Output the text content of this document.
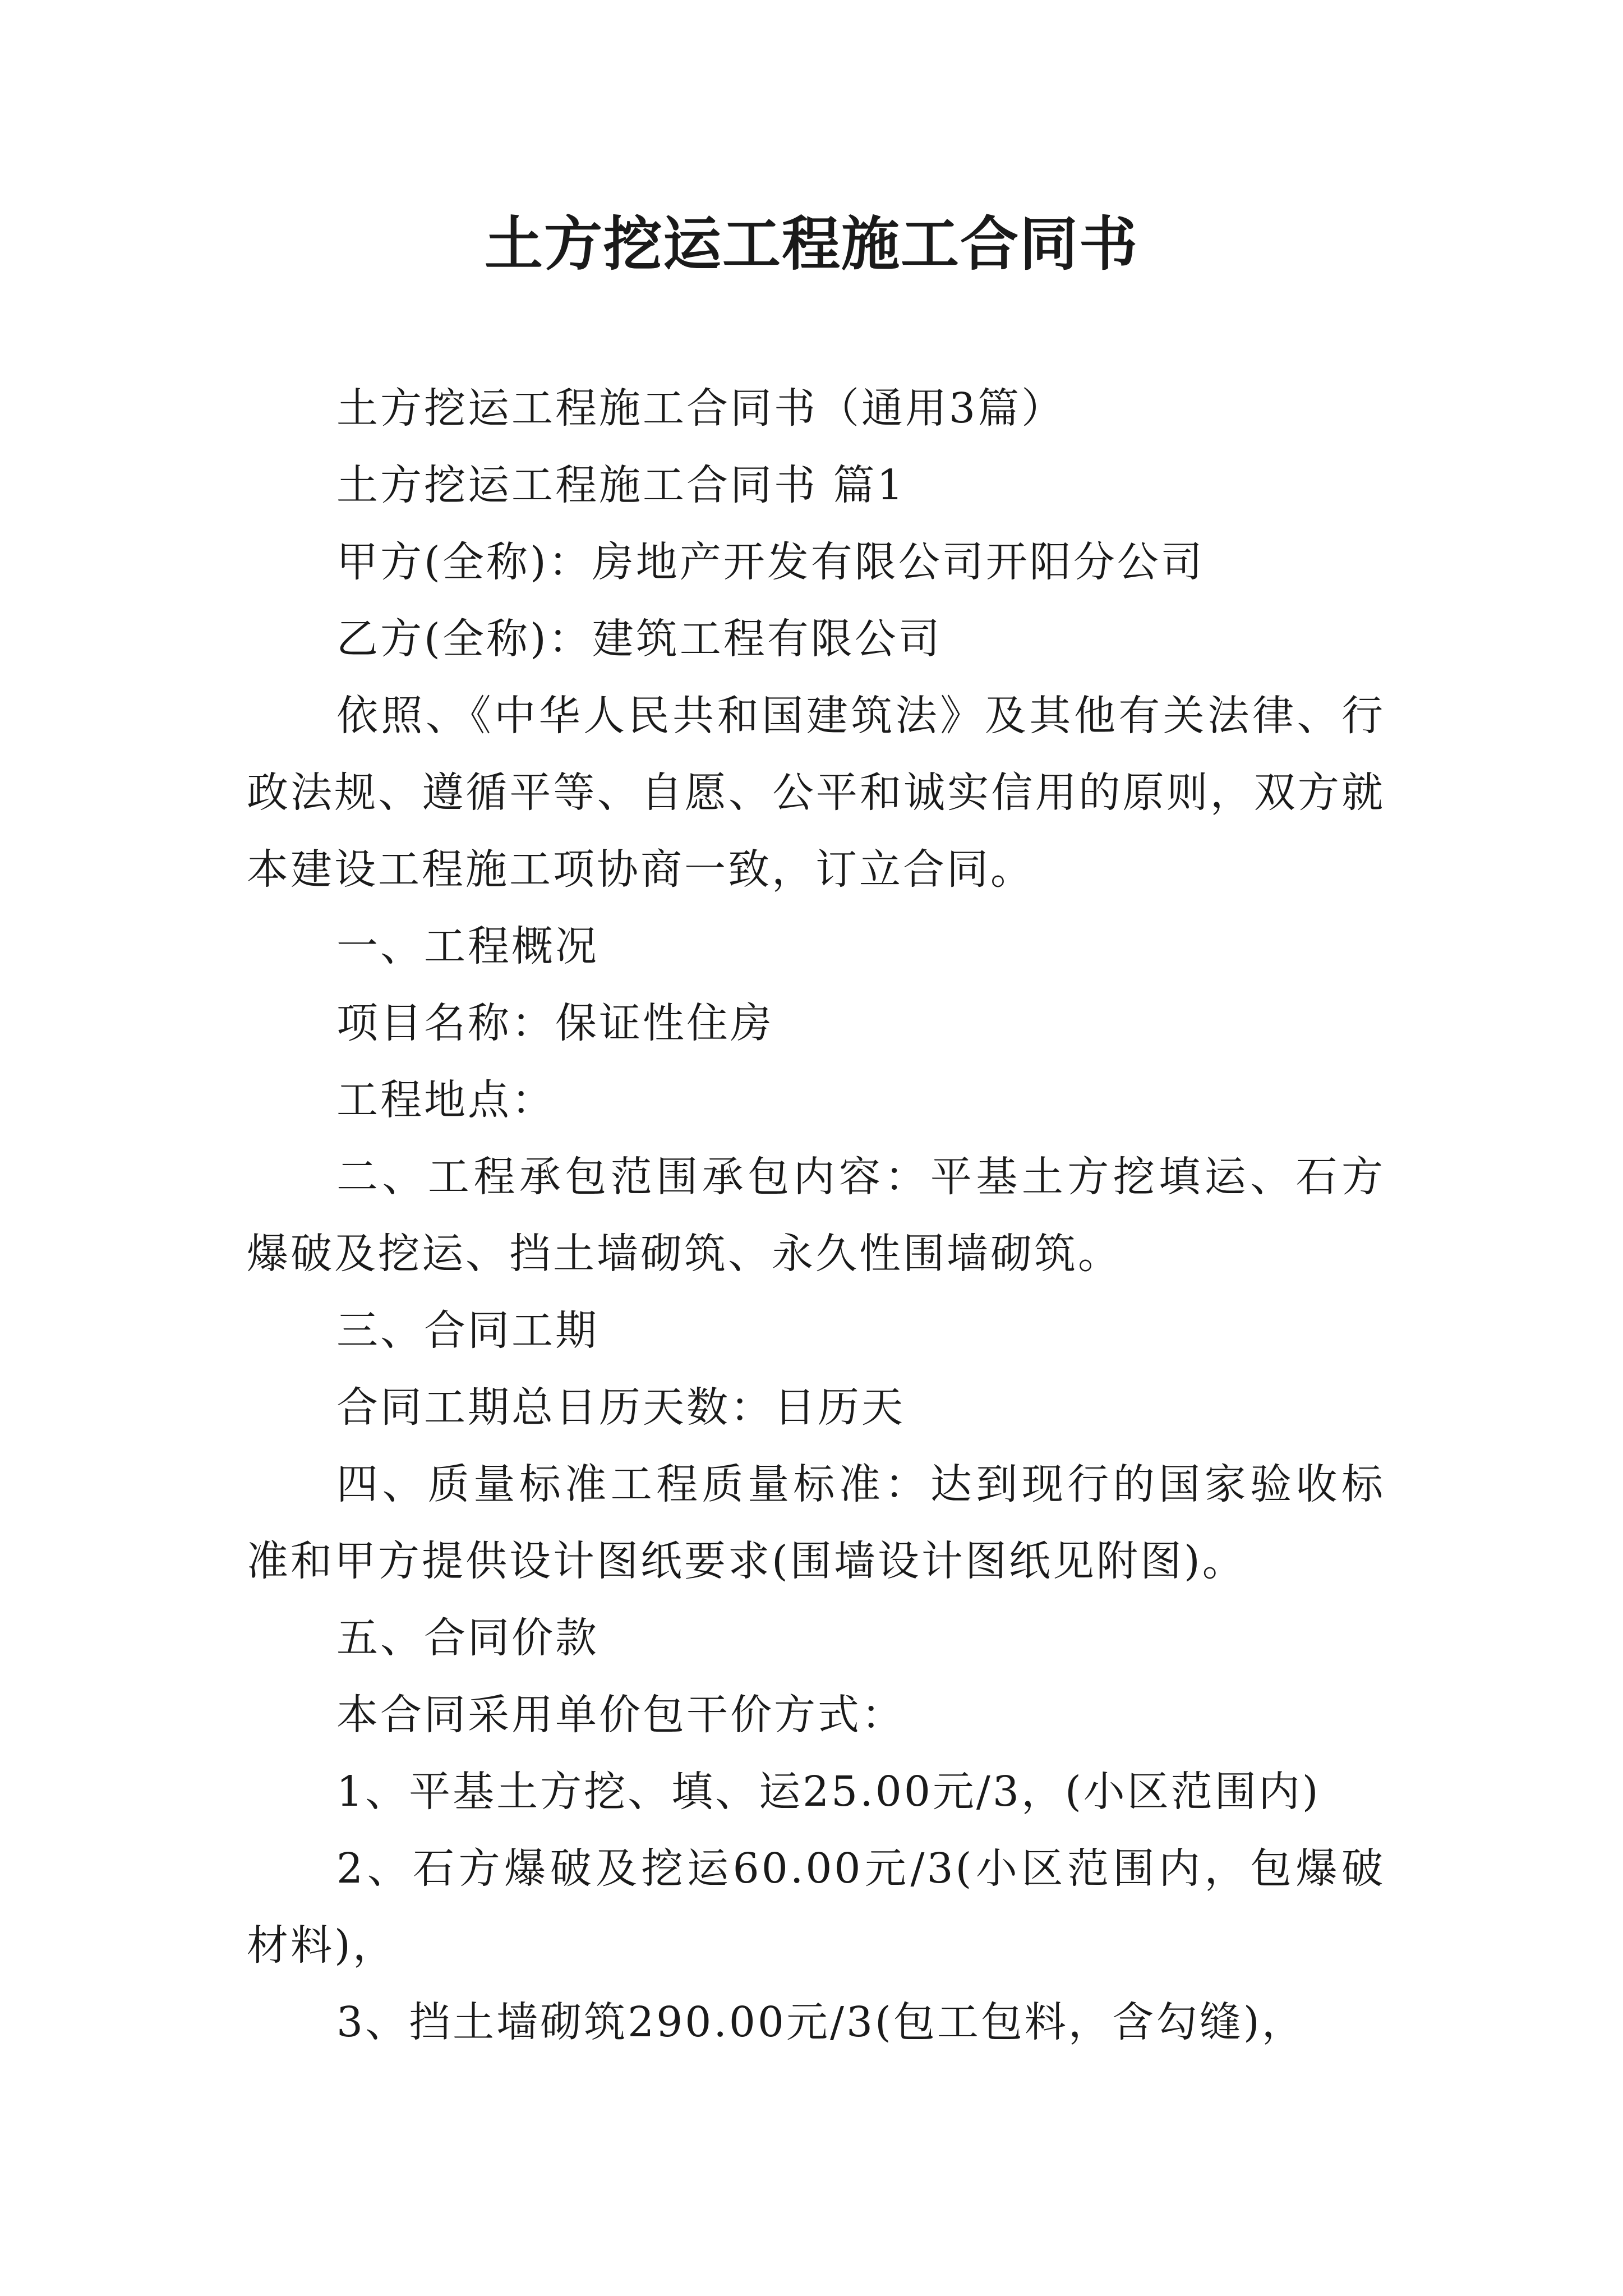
土方挖运工程施工合同书

土方挖运工程施工合同书（通用3篇）

土方挖运工程施工合同书 篇1

甲方(全称)：房地产开发有限公司开阳分公司

乙方(全称)：建筑工程有限公司

依照、《中华人民共和国建筑法》及其他有关法律、行政法规、遵循平等、自愿、公平和诚实信用的原则，双方就本建设工程施工项协商一致，订立合同。

一、工程概况

项目名称：保证性住房

工程地点：

二、工程承包范围承包内容：平基土方挖填运、石方爆破及挖运、挡土墙砌筑、永久性围墙砌筑。

三、合同工期

合同工期总日历天数：日历天

四、质量标准工程质量标准：达到现行的国家验收标准和甲方提供设计图纸要求(围墙设计图纸见附图)。

五、合同价款

本合同采用单价包干价方式：

1、平基土方挖、填、运25.00元/3，(小区范围内)

2、石方爆破及挖运60.00元/3(小区范围内，包爆破材料)，

3、挡土墙砌筑290.00元/3(包工包料，含勾缝)，
